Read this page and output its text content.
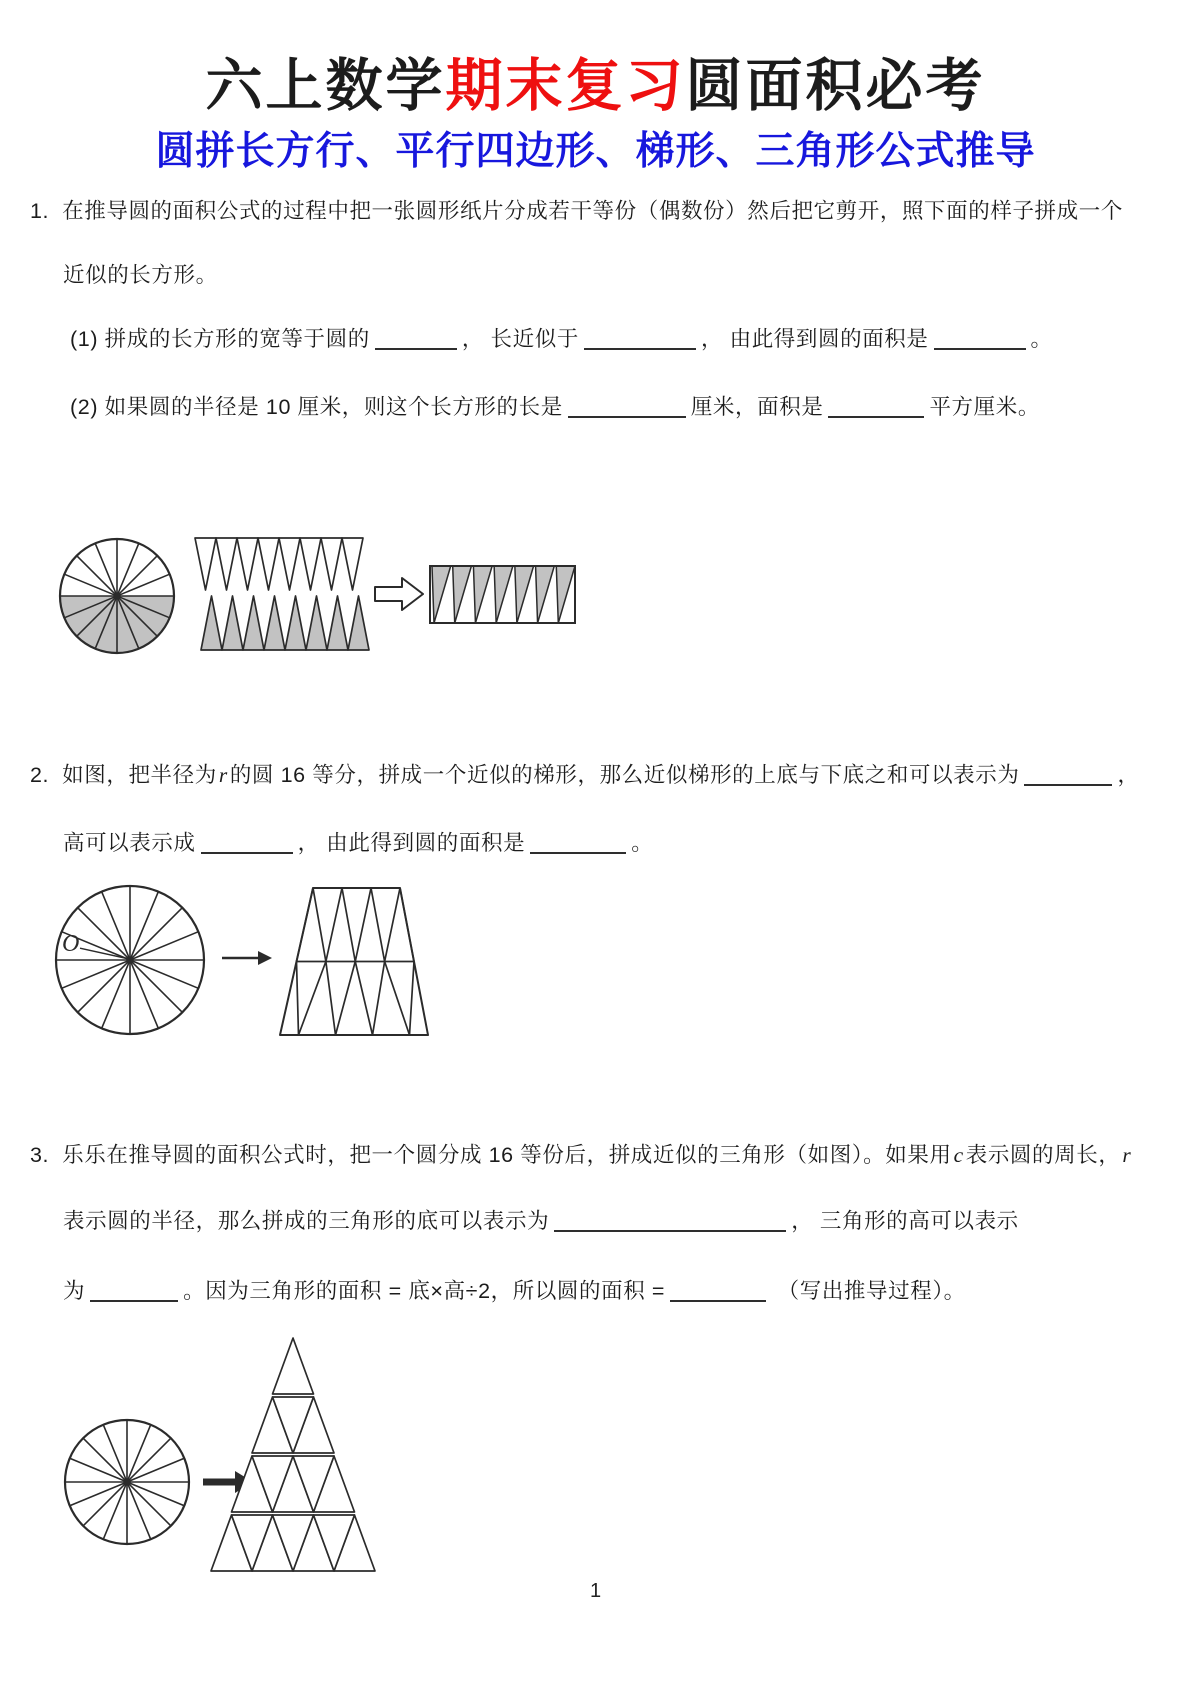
六上数学期末复习圆面积必考
圆拼长方行、平行四边形、梯形、三角形公式推导
1. 在推导圆的面积公式的过程中把一张圆形纸片分成若干等份（偶数份）然后把它剪开，照下面的样子拼成一个
近似的长方形。
(1) 拼成的长方形的宽等于圆的	， 长近似于	， 由此得到圆的面积是	。
(2) 如果圆的半径是 10 厘米，则这个长方形的长是	厘米，面积是	平方厘米。
2. 如图，把半径为r的圆 16 等分，拼成一个近似的梯形，那么近似梯形的上底与下底之和可以表示为	，
高可以表示成	， 由此得到圆的面积是	。
O
3. 乐乐在推导圆的面积公式时，把一个圆分成 16 等份后，拼成近似的三角形（如图）。如果用c表示圆的周长，r
表示圆的半径，那么拼成的三角形的底可以表示为	， 三角形的高可以表示
为	。因为三角形的面积 = 底×高÷2，所以圆的面积 =	（写出推导过程）。
1
